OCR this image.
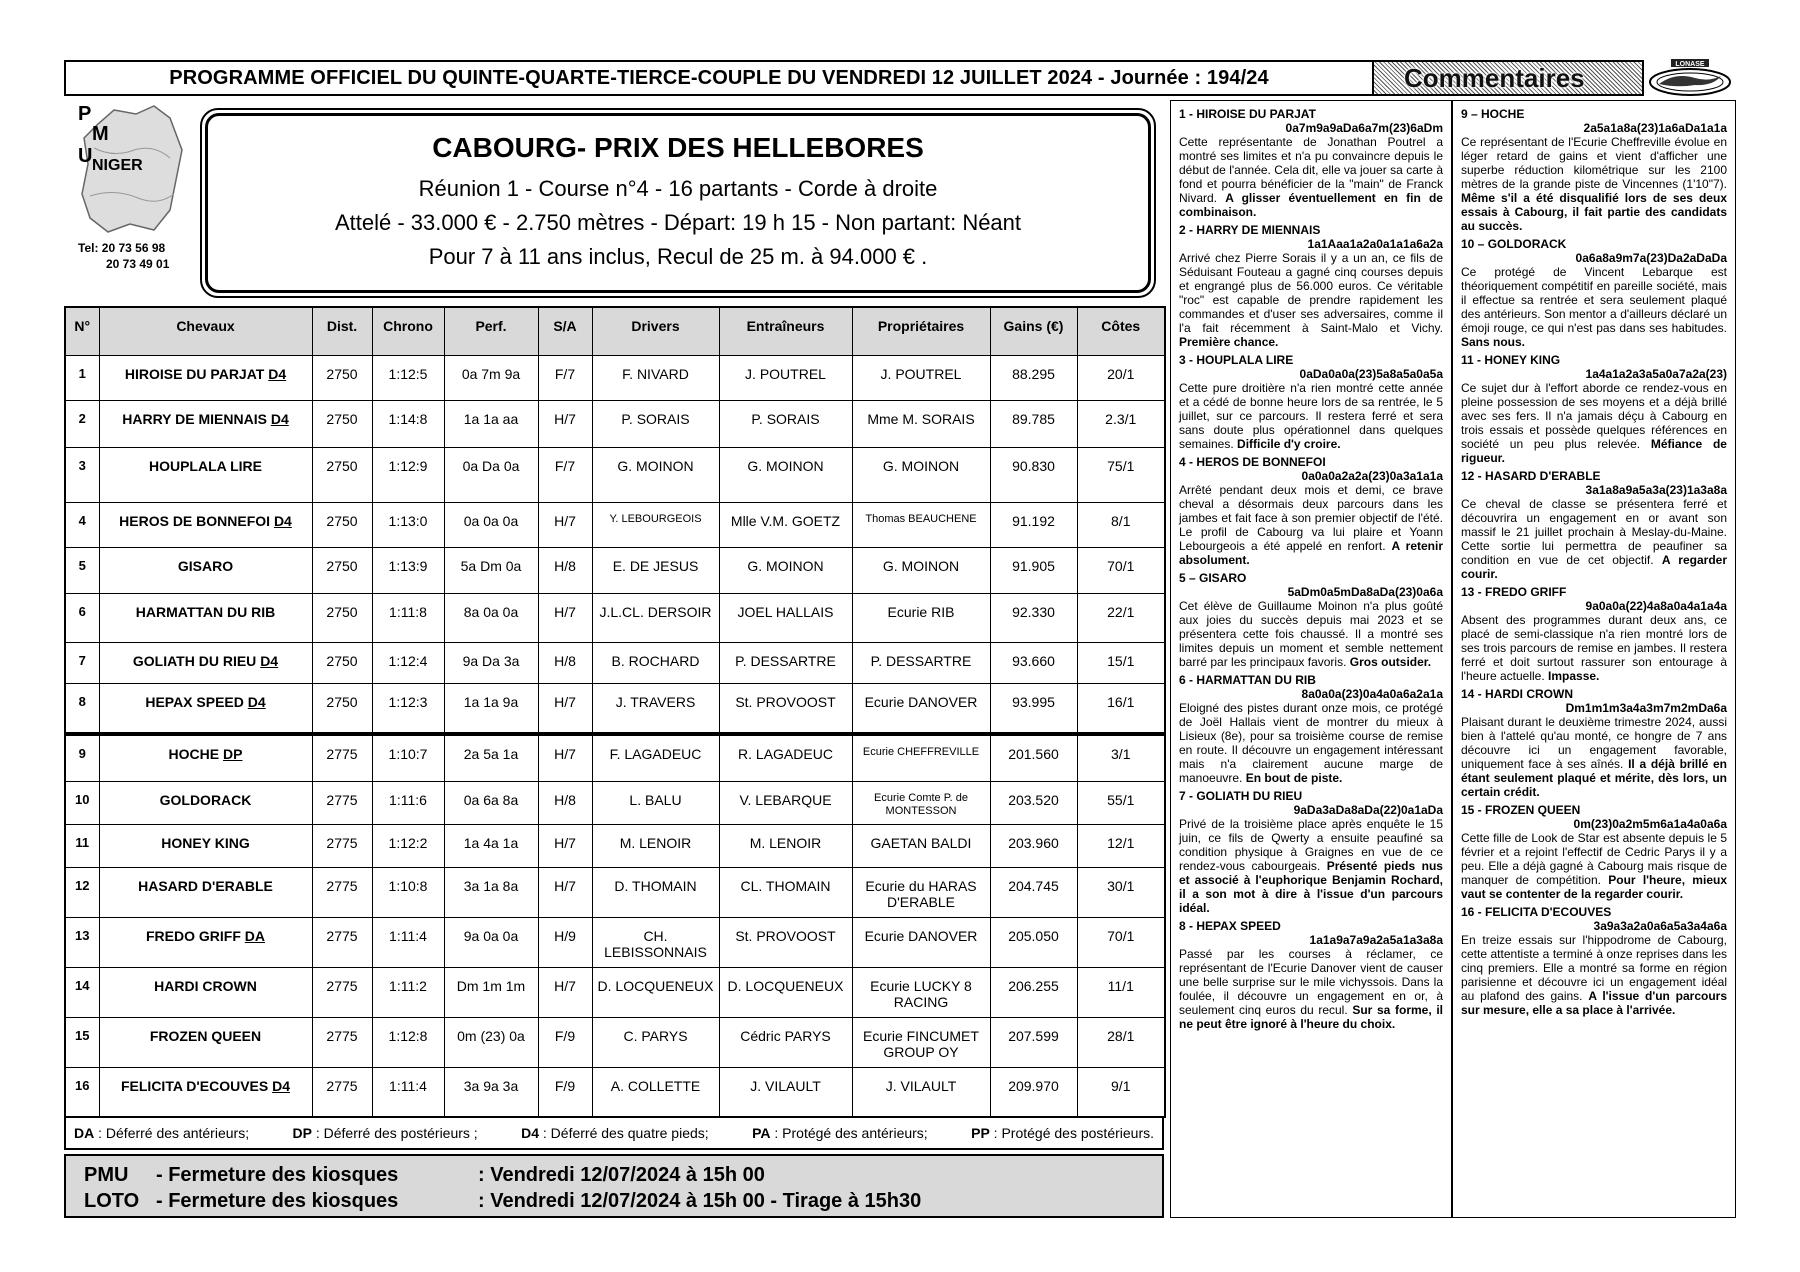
PROGRAMME OFFICIEL DU QUINTE-QUARTE-TIERCE-COUPLE DU VENDREDI 12 JUILLET 2024 - Journée : 194/24	Commentaires	LONASE
P
M
U NIGER
Tel: 20 73 56 98
20 73 49 01
CABOURG- PRIX DES HELLEBORES
Réunion 1 - Course n°4 - 16 partants - Corde à droite
Attelé - 33.000 € - 2.750 mètres - Départ: 19 h 15 - Non partant: Néant
Pour 7 à 11 ans inclus, Recul de 25 m. à 94.000 € .
N°	Chevaux	Dist.	Chrono	Perf.	S/A	Drivers	Entraîneurs	Propriétaires	Gains (€)	Côtes
1	HIROISE DU PARJAT D4	2750	1:12:5	0a 7m 9a	F/7	F. NIVARD	J. POUTREL	J. POUTREL	88.295	20/1
2	HARRY DE MIENNAIS D4	2750	1:14:8	1a 1a aa	H/7	P. SORAIS	P. SORAIS	Mme M. SORAIS	89.785	2.3/1
3	HOUPLALA LIRE	2750	1:12:9	0a Da 0a	F/7	G. MOINON	G. MOINON	G. MOINON	90.830	75/1
4	HEROS DE BONNEFOI D4	2750	1:13:0	0a 0a 0a	H/7	Y. LEBOURGEOIS	Mlle V.M. GOETZ	Thomas BEAUCHENE	91.192	8/1
5	GISARO	2750	1:13:9	5a Dm 0a	H/8	E. DE JESUS	G. MOINON	G. MOINON	91.905	70/1
6	HARMATTAN DU RIB	2750	1:11:8	8a 0a 0a	H/7	J.L.CL. DERSOIR	JOEL HALLAIS	Ecurie RIB	92.330	22/1
7	GOLIATH DU RIEU D4	2750	1:12:4	9a Da 3a	H/8	B. ROCHARD	P. DESSARTRE	P. DESSARTRE	93.660	15/1
8	HEPAX SPEED D4	2750	1:12:3	1a 1a 9a	H/7	J. TRAVERS	St. PROVOOST	Ecurie DANOVER	93.995	16/1
9	HOCHE DP	2775	1:10:7	2a 5a 1a	H/7	F. LAGADEUC	R. LAGADEUC	Ecurie CHEFFREVILLE	201.560	3/1
10	GOLDORACK	2775	1:11:6	0a 6a 8a	H/8	L. BALU	V. LEBARQUE	Ecurie Comte P. de MONTESSON	203.520	55/1
11	HONEY KING	2775	1:12:2	1a 4a 1a	H/7	M. LENOIR	M. LENOIR	GAETAN BALDI	203.960	12/1
12	HASARD D'ERABLE	2775	1:10:8	3a 1a 8a	H/7	D. THOMAIN	CL. THOMAIN	Ecurie du HARAS D'ERABLE	204.745	30/1
13	FREDO GRIFF DA	2775	1:11:4	9a 0a 0a	H/9	CH. LEBISSONNAIS	St. PROVOOST	Ecurie DANOVER	205.050	70/1
14	HARDI CROWN	2775	1:11:2	Dm 1m 1m	H/7	D. LOCQUENEUX	D. LOCQUENEUX	Ecurie LUCKY 8 RACING	206.255	11/1
15	FROZEN QUEEN	2775	1:12:8	0m (23) 0a	F/9	C. PARYS	Cédric PARYS	Ecurie FINCUMET GROUP OY	207.599	28/1
16	FELICITA D'ECOUVES D4	2775	1:11:4	3a 9a 3a	F/9	A. COLLETTE	J. VILAULT	J. VILAULT	209.970	9/1
DA : Déferré des antérieurs;	DP : Déferré des postérieurs ;	D4 : Déferré des quatre pieds;	PA : Protégé des antérieurs;	PP : Protégé des postérieurs.
PMU	- Fermeture des kiosques	: Vendredi 12/07/2024 à 15h 00
LOTO - Fermeture des kiosques	: Vendredi 12/07/2024 à 15h 00 - Tirage à 15h30
1 - HIROISE DU PARJAT
0a7m9a9aDa6a7m(23)6aDm
Cette représentante de Jonathan Poutrel a montré ses limites et n'a pu convaincre depuis le début de l'année. Cela dit, elle va jouer sa carte à fond et pourra bénéficier de la "main" de Franck Nivard. A glisser éventuellement en fin de combinaison.
2 - HARRY DE MIENNAIS
1a1Aaa1a2a0a1a1a6a2a
Arrivé chez Pierre Sorais il y a un an, ce fils de Séduisant Fouteau a gagné cinq courses depuis et engrangé plus de 56.000 euros. Ce véritable "roc" est capable de prendre rapidement les commandes et d'user ses adversaires, comme il l'a fait récemment à Saint-Malo et Vichy. Première chance.
3 - HOUPLALA LIRE
0aDa0a0a(23)5a8a5a0a5a
Cette pure droitière n'a rien montré cette année et a cédé de bonne heure lors de sa rentrée, le 5 juillet, sur ce parcours. Il restera ferré et sera sans doute plus opérationnel dans quelques semaines. Difficile d'y croire.
4 - HEROS DE BONNEFOI
0a0a0a2a2a(23)0a3a1a1a
Arrêté pendant deux mois et demi, ce brave cheval a désormais deux parcours dans les jambes et fait face à son premier objectif de l'été. Le profil de Cabourg va lui plaire et Yoann Lebourgeois a été appelé en renfort. A retenir absolument.
5 – GISARO
5aDm0a5mDa8aDa(23)0a6a
Cet élève de Guillaume Moinon n'a plus goûté aux joies du succès depuis mai 2023 et se présentera cette fois chaussé. Il a montré ses limites depuis un moment et semble nettement barré par les principaux favoris. Gros outsider.
6 - HARMATTAN DU RIB
8a0a0a(23)0a4a0a6a2a1a
Eloigné des pistes durant onze mois, ce protégé de Joël Hallais vient de montrer du mieux à Lisieux (8e), pour sa troisième course de remise en route. Il découvre un engagement intéressant mais n'a clairement aucune marge de manoeuvre. En bout de piste.
7 - GOLIATH DU RIEU
9aDa3aDa8aDa(22)0a1aDa
Privé de la troisième place après enquête le 15 juin, ce fils de Qwerty a ensuite peaufiné sa condition physique à Graignes en vue de ce rendez-vous cabourgeais. Présenté pieds nus et associé à l'euphorique Benjamin Rochard, il a son mot à dire à l'issue d'un parcours idéal.
8 - HEPAX SPEED
1a1a9a7a9a2a5a1a3a8a
Passé par les courses à réclamer, ce représentant de l'Ecurie Danover vient de causer une belle surprise sur le mile vichyssois. Dans la foulée, il découvre un engagement en or, à seulement cinq euros du recul. Sur sa forme, il ne peut être ignoré à l'heure du choix.
9 – HOCHE
2a5a1a8a(23)1a6aDa1a1a
Ce représentant de l'Ecurie Cheffreville évolue en léger retard de gains et vient d'afficher une superbe réduction kilométrique sur les 2100 mètres de la grande piste de Vincennes (1'10"7). Même s'il a été disqualifié lors de ses deux essais à Cabourg, il fait partie des candidats au succès.
10 – GOLDORACK
0a6a8a9m7a(23)Da2aDaDa
Ce protégé de Vincent Lebarque est théoriquement compétitif en pareille société, mais il effectue sa rentrée et sera seulement plaqué des antérieurs. Son mentor a d'ailleurs déclaré un émoji rouge, ce qui n'est pas dans ses habitudes. Sans nous.
11 - HONEY KING
1a4a1a2a3a5a0a7a2a(23)
Ce sujet dur à l'effort aborde ce rendez-vous en pleine possession de ses moyens et a déjà brillé avec ses fers. Il n'a jamais déçu à Cabourg en trois essais et possède quelques références en société un peu plus relevée. Méfiance de rigueur.
12 - HASARD D'ERABLE
3a1a8a9a5a3a(23)1a3a8a
Ce cheval de classe se présentera ferré et découvrira un engagement en or avant son massif le 21 juillet prochain à Meslay-du-Maine. Cette sortie lui permettra de peaufiner sa condition en vue de cet objectif. A regarder courir.
13 - FREDO GRIFF
9a0a0a(22)4a8a0a4a1a4a
Absent des programmes durant deux ans, ce placé de semi-classique n'a rien montré lors de ses trois parcours de remise en jambes. Il restera ferré et doit surtout rassurer son entourage à l'heure actuelle. Impasse.
14 - HARDI CROWN
Dm1m1m3a4a3m7m2mDa6a
Plaisant durant le deuxième trimestre 2024, aussi bien à l'attelé qu'au monté, ce hongre de 7 ans découvre ici un engagement favorable, uniquement face à ses aînés. Il a déjà brillé en étant seulement plaqué et mérite, dès lors, un certain crédit.
15 - FROZEN QUEEN
0m(23)0a2m5m6a1a4a0a6a
Cette fille de Look de Star est absente depuis le 5 février et a rejoint l'effectif de Cedric Parys il y a peu. Elle a déjà gagné à Cabourg mais risque de manquer de compétition. Pour l'heure, mieux vaut se contenter de la regarder courir.
16 - FELICITA D'ECOUVES
3a9a3a2a0a6a5a3a4a6a
En treize essais sur l'hippodrome de Cabourg, cette attentiste a terminé à onze reprises dans les cinq premiers. Elle a montré sa forme en région parisienne et découvre ici un engagement idéal au plafond des gains. A l'issue d'un parcours sur mesure, elle a sa place à l'arrivée.
